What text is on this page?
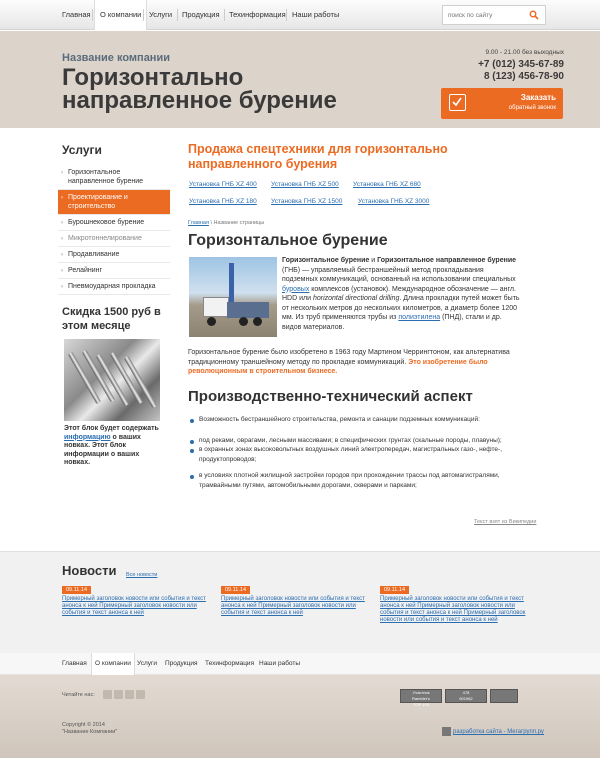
Главная	О компании	Услуги Продукция Техинформация Наши работы
поиск по сайту
Название компании
Горизонтально направленное бурение
9.00 - 21.00 без выходных
+7 (012) 345-67-89
8 (123) 456-78-90
Заказать
обратный звонок
Услуги
› Горизонтальное направленное бурение
› Проектирование и строительство
› Бурошнековое бурение
› Микротоннелирование
› Продавливание
› Релайнинг
› Пневмоударная прокладка
Скидка 1500 руб в этом месяце
Этот блок будет содержать информацию о ваших новках. Этот блок информации о ваших новках.
Продажа спецтехники для горизонтально направленного бурения
Установка ГНБ XZ 400 Установка ГНБ XZ 500 Установка ГНБ XZ 680
Установка ГНБ XZ 180 Установка ГНБ XZ 1500 Установка ГНБ XZ 3000
Главная \ Название страницы
Горизонтальное бурение
Горизонтальное бурение и Горизонтальное направленное бурение
(ГНБ) — управляемый бестраншейный метод прокладывания
подземных коммуникаций, основанный на использовании специальных
буровых комплексов (установок). Международное обозначение — англ.
HDD или horizontal directional drilling. Длина прокладки путей может быть
от нескольких метров до нескольких километров, а диаметр более 1200
мм. Из труб применяются трубы из полиэтилена (ПНД), стали и др.
видов материалов.
Горизонтальное бурение было изобретено в 1963 году Мартином Черрингтоном, как альтернатива
традиционному траншейному методу по прокладке коммуникаций. Это изобретение было
революционным в строительном бизнесе.
Производственно-технический аспект
Возможность бестраншейного строительства, ремонта и санации подземных коммуникаций:
под реками, оврагами, лесными массивами; в специфических грунтах (скальные породы, плавуны);
в охранных зонах высоковольтных воздушных линий электропередач, магистральных газо-, нефте-,
продуктопроводов;
в условиях плотной жилищной застройки городов при прохождении трассы под автомагистралями,
трамвайными путями, автомобильными дорогами, скверами и парками;
Текст взят из Википедии
Новости Все новости
09.11.14
Примерный заголовок новости или события и текст анонса к ней Примерный заголовок новости или события и текст анонса к ней
09.11.14
Примерный заголовок новости или события и текст анонса к ней Примерный заголовок новости или события и текст анонса к ней
09.11.14
Примерный заголовок новости или события и текст анонса к ней Примерный заголовок новости или события и текст анонса к ней Примерный заголовок новости или события и текст анонса к ней
Главная	О компании Услуги Продукция Техинформация Наши работы
Читайте нас:	Участник
Rambler's
TOP 100
478
601962
Copyright © 2014
"Название Компании"	разработка сайта - Мегагрупп.ру
